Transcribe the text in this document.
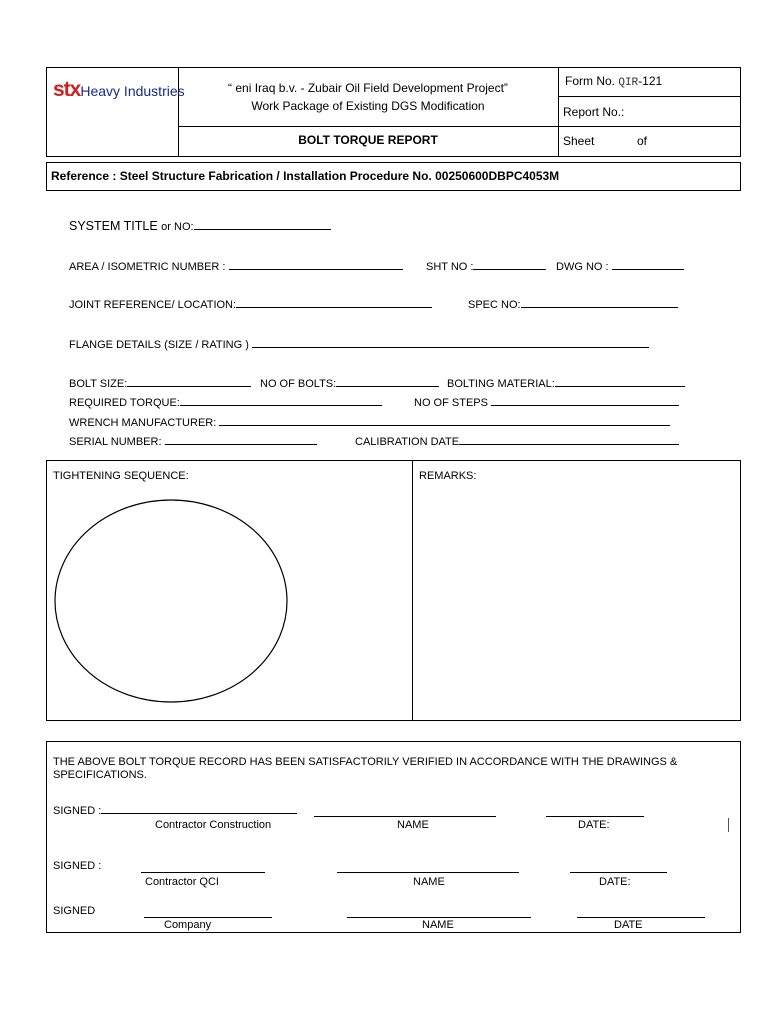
stxHeavy Industries	“ eni Iraq b.v. - Zubair Oil Field Development Project”
Work Package of Existing DGS Modification
BOLT TORQUE REPORT
Form No. QIR-121
Report No.:
Sheet	of
Reference : Steel Structure Fabrication / Installation Procedure No. 00250600DBPC4053M
SYSTEM TITLE or NO:
AREA / ISOMETRIC NUMBER :	SHT NO :	DWG NO :
JOINT REFERENCE/ LOCATION:	SPEC NO:
FLANGE DETAILS (SIZE / RATING )
BOLT SIZE:	NO OF BOLTS:	BOLTING MATERIAL:
REQUIRED TORQUE:	NO OF STEPS
WRENCH MANUFACTURER:
SERIAL NUMBER:	CALIBRATION DATE
TIGHTENING SEQUENCE:	REMARKS:
THE ABOVE BOLT TORQUE RECORD HAS BEEN SATISFACTORILY VERIFIED IN ACCORDANCE WITH THE DRAWINGS &
SPECIFICATIONS.
SIGNED :
Contractor Construction	NAME	DATE:
SIGNED :
Contractor QCI	NAME	DATE:
SIGNED
Company	NAME	DATE
